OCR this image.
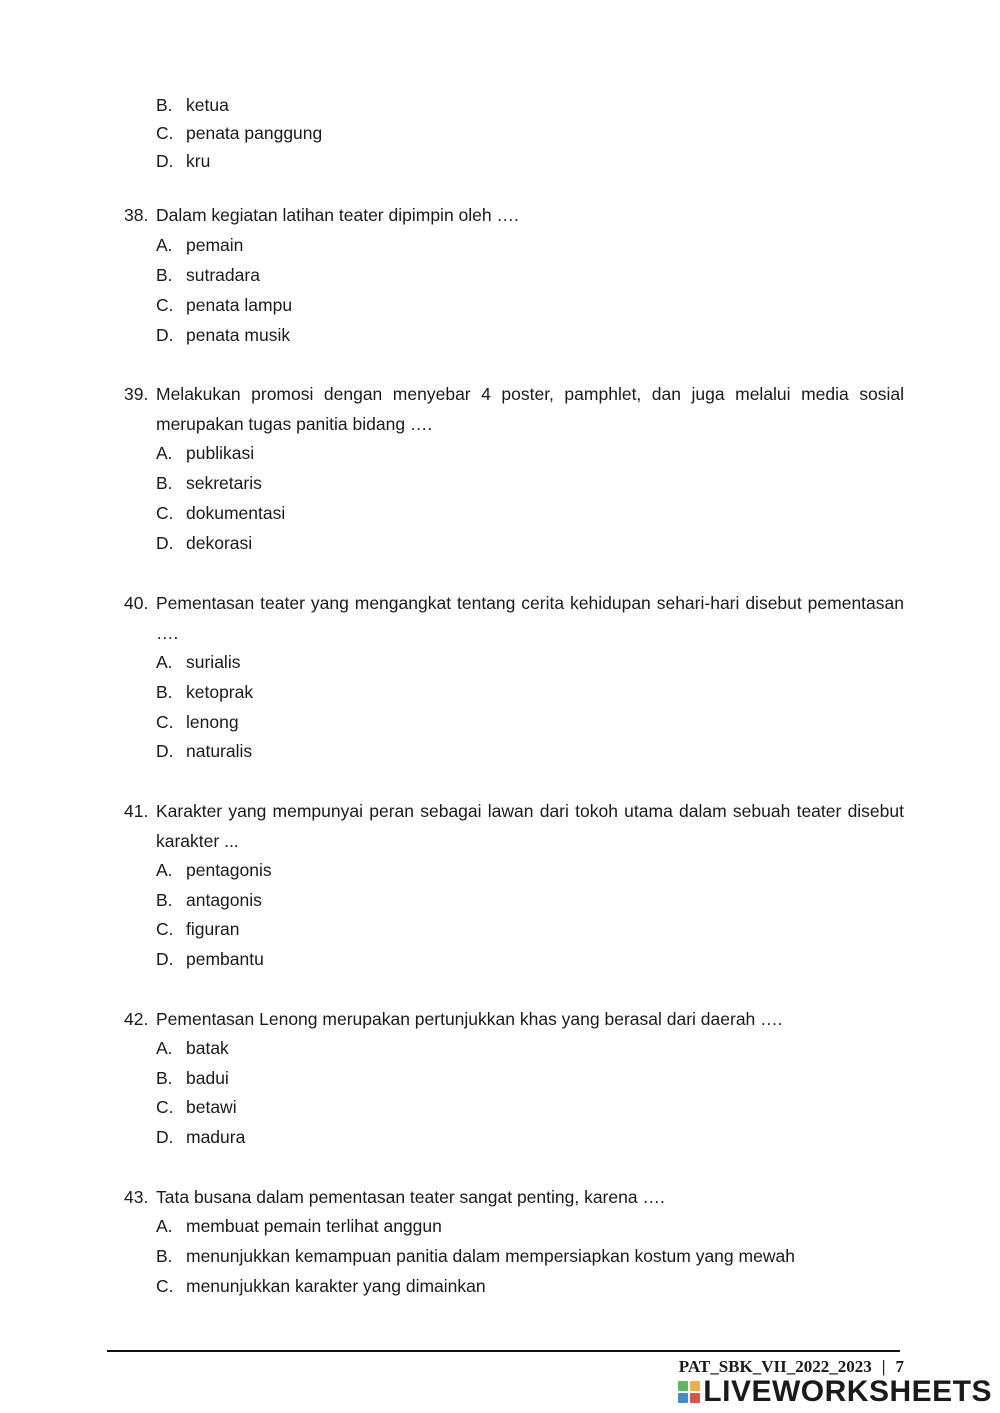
B. ketua
C. penata panggung
D. kru
38. Dalam kegiatan latihan teater dipimpin oleh ….
A. pemain
B. sutradara
C. penata lampu
D. penata musik
39. Melakukan promosi dengan menyebar 4 poster, pamphlet, dan juga melalui media sosial merupakan tugas panitia bidang ….
A. publikasi
B. sekretaris
C. dokumentasi
D. dekorasi
40. Pementasan teater yang mengangkat tentang cerita kehidupan sehari-hari disebut pementasan ….
A. surialis
B. ketoprak
C. lenong
D. naturalis
41. Karakter yang mempunyai peran sebagai lawan dari tokoh utama dalam sebuah teater disebut karakter ...
A. pentagonis
B. antagonis
C. figuran
D. pembantu
42. Pementasan Lenong merupakan pertunjukkan khas yang berasal dari daerah ….
A. batak
B. badui
C. betawi
D. madura
43. Tata busana dalam pementasan teater sangat penting, karena ….
A. membuat pemain terlihat anggun
B. menunjukkan kemampuan panitia dalam mempersiapkan kostum yang mewah
C. menunjukkan karakter yang dimainkan
PAT_SBK_VII_2022_2023 | 7
LIVEWORKSHEETS
